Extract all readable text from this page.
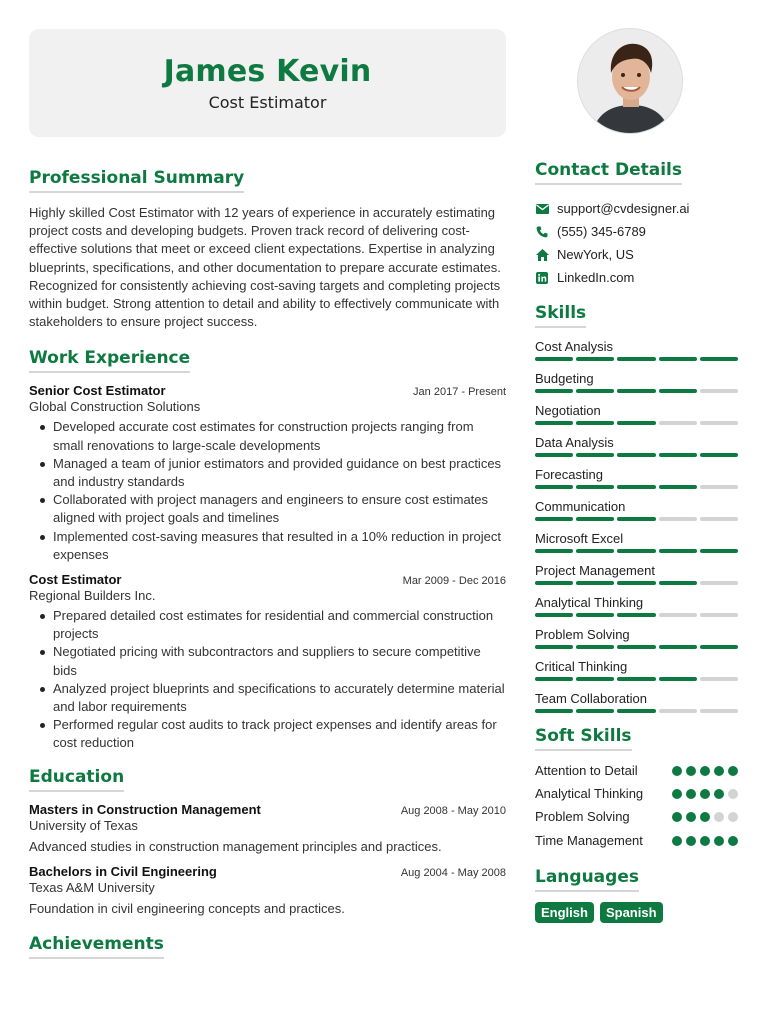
James Kevin
Cost Estimator
Professional Summary

Highly skilled Cost Estimator with 12 years of experience in accurately estimating project costs and developing budgets. Proven track record of delivering cost-effective solutions that meet or exceed client expectations. Expertise in analyzing blueprints, specifications, and other documentation to prepare accurate estimates. Recognized for consistently achieving cost-saving targets and completing projects within budget. Strong attention to detail and ability to effectively communicate with stakeholders to ensure project success.

Work Experience
Senior Cost Estimator	Jan 2017 - Present
Global Construction Solutions
Developed accurate cost estimates for construction projects ranging from small renovations to large-scale developments
Managed a team of junior estimators and provided guidance on best practices and industry standards
Collaborated with project managers and engineers to ensure cost estimates aligned with project goals and timelines
Implemented cost-saving measures that resulted in a 10% reduction in project expenses
Cost Estimator	Mar 2009 - Dec 2016
Regional Builders Inc.
Prepared detailed cost estimates for residential and commercial construction projects
Negotiated pricing with subcontractors and suppliers to secure competitive bids
Analyzed project blueprints and specifications to accurately determine material and labor requirements
Performed regular cost audits to track project expenses and identify areas for cost reduction
Education
Masters in Construction Management	Aug 2008 - May 2010
University of Texas

Advanced studies in construction management principles and practices.

Bachelors in Civil Engineering	Aug 2004 - May 2008
Texas A&M University

Foundation in civil engineering concepts and practices.

Achievements
Contact Details
support@cvdesigner.ai
(555) 345-6789
NewYork, US
LinkedIn.com
Skills
Cost Analysis
Budgeting
Negotiation
Data Analysis
Forecasting
Communication
Microsoft Excel
Project Management
Analytical Thinking
Problem Solving
Critical Thinking
Team Collaboration
Soft Skills
Attention to Detail
Analytical Thinking
Problem Solving
Time Management
Languages
English	Spanish
